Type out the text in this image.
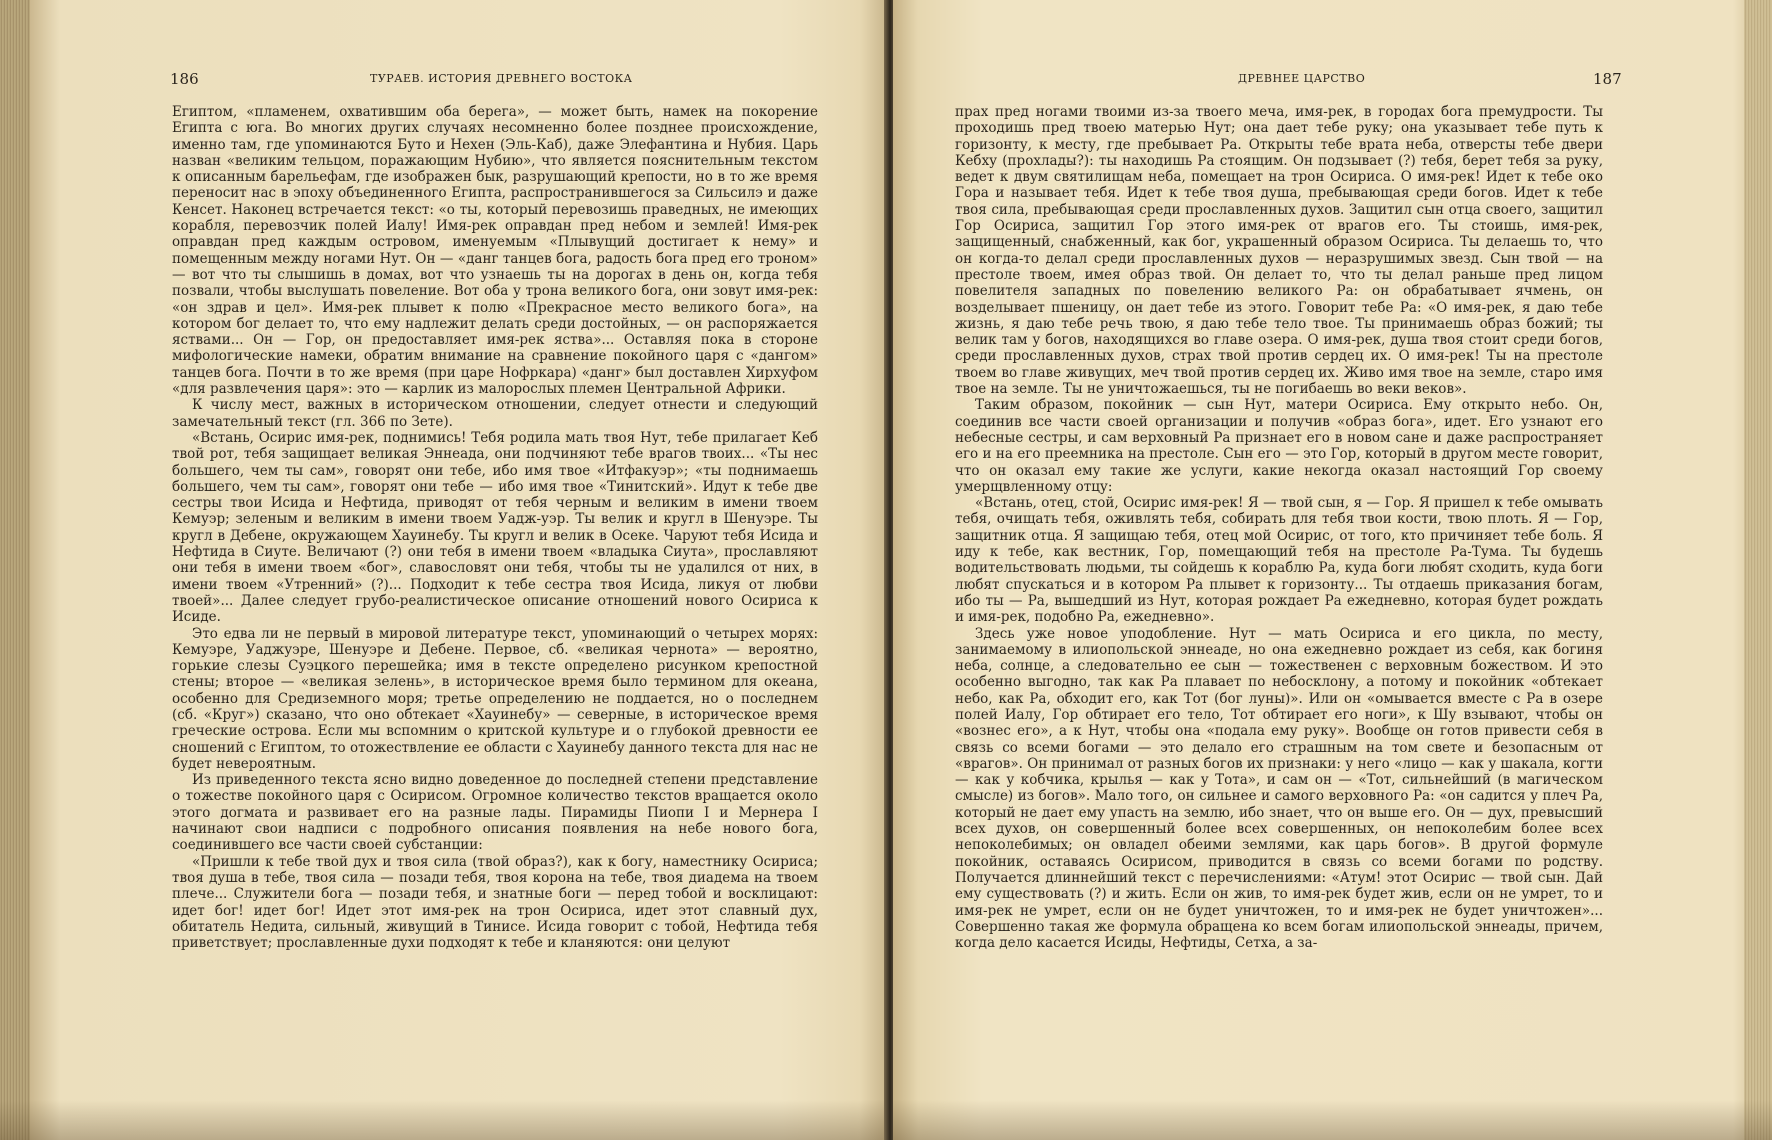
186	ТУРАЕВ. ИСТОРИЯ ДРЕВНЕГО ВОСТОКА

Египтом, «пламенем, охватившим оба берега», — может быть, намек на покорение Египта с юга. Во многих других случаях несомненно более позднее происхождение, именно там, где упоминаются Буто и Нехен (Эль-Каб), даже Элефантина и Нубия. Царь назван «великим тельцом, поражающим Нубию», что является пояснительным текстом к описанным барельефам, где изображен бык, разрушающий крепости, но в то же время переносит нас в эпоху объединенного Египта, распространившегося за Сильсилэ и даже Кенсет. Наконец встречается текст: «о ты, который перевозишь праведных, не имеющих корабля, перевозчик полей Иалу! Имя-рек оправдан пред небом и землей! Имя-рек оправдан пред каждым островом, именуемым «Плывущий достигает к нему» и помещенным между ногами Нут. Он — «данг танцев бога, радость бога пред его троном» — вот что ты слышишь в домах, вот что узнаешь ты на дорогах в день он, когда тебя позвали, чтобы выслушать повеление. Вот оба у трона великого бога, они зовут имя-рек: «он здрав и цел». Имя-рек плывет к полю «Прекрасное место великого бога», на котором бог делает то, что ему надлежит делать среди достойных, — он распоряжается яствами... Он — Гор, он предоставляет имя-рек яства»... Оставляя пока в стороне мифологические намеки, обратим внимание на сравнение покойного царя с «дангом» танцев бога. Почти в то же время (при царе Нофркара) «данг» был доставлен Хирхуфом «для развлечения царя»: это — карлик из малорослых племен Центральной Африки.

К числу мест, важных в историческом отношении, следует отнести и следующий замечательный текст (гл. 366 по Зете).

«Встань, Осирис имя-рек, поднимись! Тебя родила мать твоя Нут, тебе прилагает Кеб твой рот, тебя защищает великая Эннеада, они подчиняют тебе врагов твоих... «Ты нес большего, чем ты сам», говорят они тебе, ибо имя твое «Итфакуэр»; «ты поднимаешь большего, чем ты сам», говорят они тебе — ибо имя твое «Тинитский». Идут к тебе две сестры твои Исида и Нефтида, приводят от тебя черным и великим в имени твоем Кемуэр; зеленым и великим в имени твоем Уадж-уэр. Ты велик и кругл в Шенуэре. Ты кругл в Дебене, окружающем Хауинебу. Ты кругл и велик в Осеке. Чаруют тебя Исида и Нефтида в Сиуте. Величают (?) они тебя в имени твоем «владыка Сиута», прославляют они тебя в имени твоем «бог», славословят они тебя, чтобы ты не удалился от них, в имени твоем «Утренний» (?)... Подходит к тебе сестра твоя Исида, ликуя от любви твоей»... Далее следует грубо-реалистическое описание отношений нового Осириса к Исиде.

Это едва ли не первый в мировой литературе текст, упоминающий о четырех морях: Кемуэре, Уаджуэре, Шенуэре и Дебене. Первое, сб. «великая чернота» — вероятно, горькие слезы Суэцкого перешейка; имя в тексте определено рисунком крепостной стены; второе — «великая зелень», в историческое время было термином для океана, особенно для Средиземного моря; третье определению не поддается, но о последнем (сб. «Круг») сказано, что оно обтекает «Хауинебу» — северные, в историческое время греческие острова. Если мы вспомним о критской культуре и о глубокой древности ее сношений с Египтом, то отожествление ее области с Хауинебу данного текста для нас не будет невероятным.

Из приведенного текста ясно видно доведенное до последней степени представление о тожестве покойного царя с Осирисом. Огромное количество текстов вращается около этого догмата и развивает его на разные лады. Пирамиды Пиопи I и Мернера I начинают свои надписи с подробного описания появления на небе нового бога, соединившего все части своей субстанции:

«Пришли к тебе твой дух и твоя сила (твой образ?), как к богу, наместнику Осириса; твоя душа в тебе, твоя сила — позади тебя, твоя корона на тебе, твоя диадема на твоем плече... Служители бога — позади тебя, и знатные боги — перед тобой и восклицают: идет бог! идет бог! Идет этот имя-рек на трон Осириса, идет этот славный дух, обитатель Недита, сильный, живущий в Тинисе. Исида говорит с тобой, Нефтида тебя приветствует; прославленные духи подходят к тебе и кланяются: они целуют

ДРЕВНЕЕ ЦАРСТВО	187

прах пред ногами твоими из-за твоего меча, имя-рек, в городах бога премудрости. Ты проходишь пред твоею матерью Нут; она дает тебе руку; она указывает тебе путь к горизонту, к месту, где пребывает Ра. Открыты тебе врата неба, отверсты тебе двери Кебху (прохлады?): ты находишь Ра стоящим. Он подзывает (?) тебя, берет тебя за руку, ведет к двум святилищам неба, помещает на трон Осириса. О имя-рек! Идет к тебе око Гора и называет тебя. Идет к тебе твоя душа, пребывающая среди богов. Идет к тебе твоя сила, пребывающая среди прославленных духов. Защитил сын отца своего, защитил Гор Осириса, защитил Гор этого имя-рек от врагов его. Ты стоишь, имя-рек, защищенный, снабженный, как бог, украшенный образом Осириса. Ты делаешь то, что он когда-то делал среди прославленных духов — неразрушимых звезд. Сын твой — на престоле твоем, имея образ твой. Он делает то, что ты делал раньше пред лицом повелителя западных по повелению великого Ра: он обрабатывает ячмень, он возделывает пшеницу, он дает тебе из этого. Говорит тебе Ра: «О имя-рек, я даю тебе жизнь, я даю тебе речь твою, я даю тебе тело твое. Ты принимаешь образ божий; ты велик там у богов, находящихся во главе озера. О имя-рек, душа твоя стоит среди богов, среди прославленных духов, страх твой против сердец их. О имя-рек! Ты на престоле твоем во главе живущих, меч твой против сердец их. Живо имя твое на земле, старо имя твое на земле. Ты не уничтожаешься, ты не погибаешь во веки веков».

Таким образом, покойник — сын Нут, матери Осириса. Ему открыто небо. Он, соединив все части своей организации и получив «образ бога», идет. Его узнают его небесные сестры, и сам верховный Ра признает его в новом сане и даже распространяет его и на его преемника на престоле. Сын его — это Гор, который в другом месте говорит, что он оказал ему такие же услуги, какие некогда оказал настоящий Гор своему умерщвленному отцу:

«Встань, отец, стой, Осирис имя-рек! Я — твой сын, я — Гор. Я пришел к тебе омывать тебя, очищать тебя, оживлять тебя, собирать для тебя твои кости, твою плоть. Я — Гор, защитник отца. Я защищаю тебя, отец мой Осирис, от того, кто причиняет тебе боль. Я иду к тебе, как вестник, Гор, помещающий тебя на престоле Ра-Тума. Ты будешь водительствовать людьми, ты сойдешь к кораблю Ра, куда боги любят сходить, куда боги любят спускаться и в котором Ра плывет к горизонту... Ты отдаешь приказания богам, ибо ты — Ра, вышедший из Нут, которая рождает Ра ежедневно, которая будет рождать и имя-рек, подобно Ра, ежедневно».

Здесь уже новое уподобление. Нут — мать Осириса и его цикла, по месту, занимаемому в илиопольской эннеаде, но она ежедневно рождает из себя, как богиня неба, солнце, а следовательно ее сын — тожественен с верховным божеством. И это особенно выгодно, так как Ра плавает по небосклону, а потому и покойник «обтекает небо, как Ра, обходит его, как Тот (бог луны)». Или он «омывается вместе с Ра в озере полей Иалу, Гор обтирает его тело, Тот обтирает его ноги», к Шу взывают, чтобы он «вознес его», а к Нут, чтобы она «подала ему руку». Вообще он готов привести себя в связь со всеми богами — это делало его страшным на том свете и безопасным от «врагов». Он принимал от разных богов их признаки: у него «лицо — как у шакала, когти — как у кобчика, крылья — как у Тота», и сам он — «Тот, сильнейший (в магическом смысле) из богов». Мало того, он сильнее и самого верховного Ра: «он садится у плеч Ра, который не дает ему упасть на землю, ибо знает, что он выше его. Он — дух, превысший всех духов, он совершенный более всех совершенных, он непоколебим более всех непоколебимых; он овладел обеими землями, как царь богов». В другой формуле покойник, оставаясь Осирисом, приводится в связь со всеми богами по родству. Получается длиннейший текст с перечислениями: «Атум! этот Осирис — твой сын. Дай ему существовать (?) и жить. Если он жив, то имя-рек будет жив, если он не умрет, то и имя-рек не умрет, если он не будет уничтожен, то и имя-рек не будет уничтожен»... Совершенно такая же формула обращена ко всем богам илиопольской эннеады, причем, когда дело касается Исиды, Нефтиды, Сетха, а за-
